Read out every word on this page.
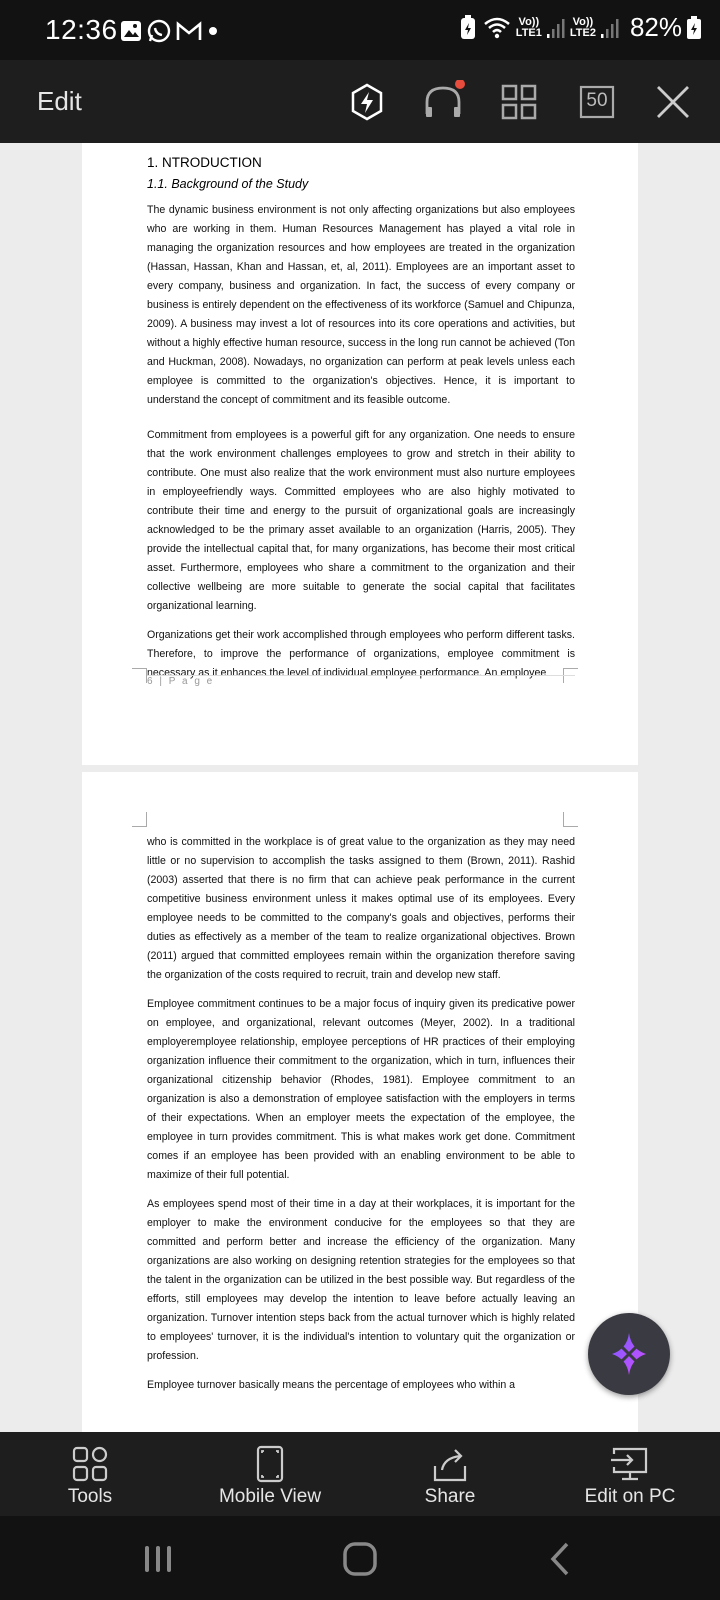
12:36	Vo))
LTE1
Vo))
LTE2 82%
Edit	50
1. NTRODUCTION
1.1. Background of the Study

The dynamic business environment is not only affecting organizations but also employees who are working in them. Human Resources Management has played a vital role in managing the organization resources and how employees are treated in the organization (Hassan, Hassan, Khan and Hassan, et, al, 2011). Employees are an important asset to every company, business and organization. In fact, the success of every company or business is entirely dependent on the effectiveness of its workforce (Samuel and Chipunza, 2009). A business may invest a lot of resources into its core operations and activities, but without a highly effective human resource, success in the long run cannot be achieved (Ton and Huckman, 2008). Nowadays, no organization can perform at peak levels unless each employee is committed to the organization's objectives. Hence, it is important to understand the concept of commitment and its feasible outcome.

Commitment from employees is a powerful gift for any organization. One needs to ensure that the work environment challenges employees to grow and stretch in their ability to contribute. One must also realize that the work environment must also nurture employees in employeefriendly ways. Committed employees who are also highly motivated to contribute their time and energy to the pursuit of organizational goals are increasingly acknowledged to be the primary asset available to an organization (Harris, 2005). They provide the intellectual capital that, for many organizations, has become their most critical asset. Furthermore, employees who share a commitment to the organization and their collective wellbeing are more suitable to generate the social capital that facilitates organizational learning.

Organizations get their work accomplished through employees who perform different tasks. Therefore, to improve the performance of organizations, employee commitment is necessary as it enhances the level of individual employee performance. An employee

6 | P a g e

who is committed in the workplace is of great value to the organization as they may need little or no supervision to accomplish the tasks assigned to them (Brown, 2011). Rashid (2003) asserted that there is no firm that can achieve peak performance in the current competitive business environment unless it makes optimal use of its employees. Every employee needs to be committed to the company's goals and objectives, performs their duties as effectively as a member of the team to realize organizational objectives. Brown (2011) argued that committed employees remain within the organization therefore saving the organization of the costs required to recruit, train and develop new staff.

Employee commitment continues to be a major focus of inquiry given its predicative power on employee, and organizational, relevant outcomes (Meyer, 2002). In a traditional employeremployee relationship, employee perceptions of HR practices of their employing organization influence their commitment to the organization, which in turn, influences their organizational citizenship behavior (Rhodes, 1981). Employee commitment to an organization is also a demonstration of employee satisfaction with the employers in terms of their expectations. When an employer meets the expectation of the employee, the employee in turn provides commitment. This is what makes work get done. Commitment comes if an employee has been provided with an enabling environment to be able to maximize of their full potential.

As employees spend most of their time in a day at their workplaces, it is important for the employer to make the environment conducive for the employees so that they are committed and perform better and increase the efficiency of the organization. Many organizations are also working on designing retention strategies for the employees so that the talent in the organization can be utilized in the best possible way. But regardless of the efforts, still employees may develop the intention to leave before actually leaving an organization. Turnover intention steps back from the actual turnover which is highly related to employees' turnover, it is the individual's intention to voluntary quit the organization or profession.

Employee turnover basically means the percentage of employees who within a

Tools	Mobile View	Share	Edit on PC
